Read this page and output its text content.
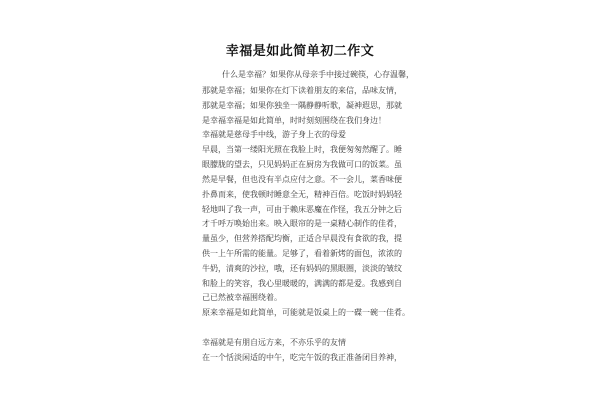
幸福是如此简单初二作文
什么是幸福？如果你从母亲手中接过碗筷，心存温馨，
那就是幸福；如果你在灯下读着朋友的来信，品味友情，
那就是幸福；如果你独坐一隅静静听歌，凝神遐思，那就
是幸福幸福是如此简单，时时刻刻围绕在我们身边！
幸福就是慈母手中线，游子身上衣的母爱
早晨，当第一缕阳光照在我脸上时，我便匆匆然醒了。睡
眼朦胧的望去，只见妈妈正在厨房为我做可口的饭菜。虽
然是早餐，但也没有半点应付之意。不一会儿，菜香味便
扑鼻而来，使我顿时睡意全无，精神百倍。吃饭时妈妈轻
轻地叫了我一声，可由于赖床恶魔在作怪，我五分钟之后
才千呼万唤始出来。映入眼帘的是一桌精心制作的佳肴，
量虽少，但营养搭配均衡，正适合早晨没有食欲的我，提
供一上午所需的能量。足够了，看着新烤的面包，浓浓的
牛奶，清爽的沙拉，哦，还有妈妈的黑眼圈，淡淡的皱纹
和脸上的笑容，我心里暖暖的，满满的都是爱。我感到自
己已然被幸福围绕着。
原来幸福是如此简单，可能就是饭桌上的一碟一碗一佳肴。
幸福就是有朋自远方来，不亦乐乎的友情
在一个恬淡闲适的中午，吃完午饭的我正准备闭目养神，
